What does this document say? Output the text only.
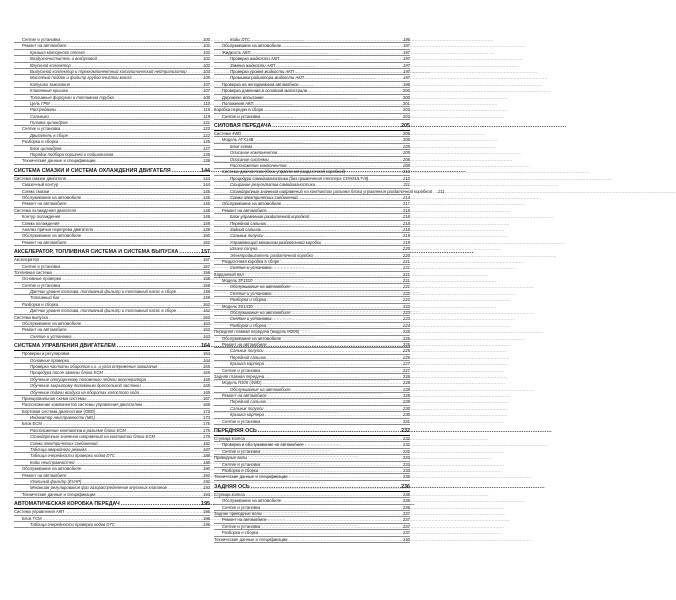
Снятие и установка .....	100
Ремонт на автомобиле .....	102
Крышка моторного отсека .....	102
Воздухоочиститель и воздуховод .....	102
Впускной коллектор .....	102
Выпускной коллектор и трехкомпонентный каталитический нейтрализатор .....	104
Масляный поддон и фильтр грубой очистки масла .....	105
Катушки зажигания .....	107
Клапанные крышки .....	107
Топливные форсунки и топливная трубка .....	108
Цепь ГРМ .....	110
Распредвалы .....	115
Сальники .....	119
Головка цилиндров .....	121
Снятие и установка .....	122
Двигатель в сборе .....	122
Разборка и сборка .....	125
Блок цилиндров .....	127
Порядок подбора поршней и подшипников .....	135
Технические данные и спецификации .....	139
СИСТЕМА СМАЗКИ И СИСТЕМА ОХЛАЖДЕНИЯ ДВИГАТЕЛЯ .....	144
Система смазки двигателя .....	144
Смазочный контур .....	144
Схема смазки .....	145
Обслуживание на автомобиле .....	145
Ремонт на автомобиле .....	146
Система охлаждения двигателя .....	148
Контур охлаждения .....	148
Схема охлаждения .....	149
Анализ причин перегрева двигателя .....	149
Обслуживание на автомобиле .....	150
Ремонт на автомобиле .....	152
АКСЕЛЕРАТОР, ТОПЛИВНАЯ СИСТЕМА И СИСТЕМА ВЫПУСКА .....	157
Акселератор .....	157
Снятие и установка .....	157
Топливная система .....	158
Основные проверки .....	158
Снятие и установка .....	158
Датчик уровня топлива, топливный фильтр и топливный насос в сборе .....	158
Топливный бак .....	159
Разборка и сборка .....	162
Датчик уровня топлива, топливный фильтр и топливный насос в сборе .....	162
Система выпуска .....	163
Обслуживание на автомобиле .....	163
Ремонт на автомобиле .....	163
Снятие и установка .....	163
СИСТЕМА УПРАВЛЕНИЯ ДВИГАТЕЛЕМ .....	164
Проверки и регулировки .....	164
Основные проверки .....	164
Проверка частоты оборотов х.х. и угла опережения зажигания .....	165
Процедура после замены блока ECM .....	165
Обучение отпущенному положению педали акселератора .....	165
Обучение закрытому положению дроссельной заслонки .....	165
Обучение подачи воздуха на оборотах холостого хода .....	165
Принципиальная схема системы .....	167
Расположение компонентов системы управления двигателем .....	168
Бортовая система диагностики (OBD) .....	173
Индикатор неисправности (MIL) .....	173
Блок ECM .....	175
Расположение контактов в разъеме блока ECM .....	175
Стандартные значения напряжений на контактах блока ECM .....	175
Схема электрических соединений .....	182
Таблица аварийного режима .....	187
Таблица очередности проверки кодов DTC .....	188
Коды неисправностей .....	188
Обслуживание на автомобиле .....	190
Ремонт на автомобиле .....	192
Угольный фильтр (EVAP) .....	192
Механизм регулирования фаз газораспределения впускных клапанов .....	193
Технические данные и спецификации .....	194
АВТОМАТИЧЕСКАЯ КОРОБКА ПЕРЕДАЧ .....	195
Система управления АКП .....	195
Блок TCM .....	196
Таблица очередности проверки кодов DTC .....	196
Коды DTC .....	196
Обслуживание на автомобиле .....	197
Жидкость АКП .....	197
Проверка жидкости АКП .....	197
Замена жидкости АКП .....	197
Проверка уровня жидкости АКП .....	197
Промывка радиатора жидкости АКП .....	197
Проверка на неподвижном автомобиле .....	199
Проверка давления в основной магистрали .....	200
Дорожное испытание .....	200
Положения АКП .....	201
Коробка передач в сборе .....	203
Снятие и установка .....	203
СИЛОВАЯ ПЕРЕДАЧА .....	205
Система 4WD .....	205
Модель ATX14B .....	205
Блок-схема .....	205
Описание компонентов .....	205
Описание системы .....	206
Расположение компонентов .....	208
Система диагностики (блок управления раздаточной коробкой) .....	210
Процедура самодиагностики (без применения тестера CONSULT-III) .....	210
Стирание результатов самодиагностики .....	211
Стандартные значения напряжений на контактах разъема блока управления раздаточной коробкой ..... 211
Схема электрических соединений .....	214
Обслуживание на автомобиле .....	217
Ремонт на автомобиле .....	218
Блок управления раздаточной коробкой .....	218
Передний сальник .....	218
Задний сальник .....	218
Сальник полуоси .....	219
Управляющий механизм раздаточной коробки .....	219
Шланг сапуна .....	220
Электродвигатель раздаточной коробки .....	220
Раздаточная коробка в сборе .....	221
Снятие и установка .....	221
Карданный вал .....	221
Модель 2F1310 .....	221
Обслуживание на автомобиле .....	221
Снятие и установка .....	222
Разборка и сборка .....	222
Модель 2S1410 .....	223
Обслуживание на автомобиле .....	223
Снятие и установка .....	223
Разборка и сборка .....	224
Передняя главная передача (модель M205) .....	225
Обслуживание на автомобиле .....	225
Ремонт на автомобиле .....	225
Сальник полуоси .....	225
Передний сальник .....	226
Крышка картера .....	227
Снятие и установка .....	227
Задняя главная передача .....	228
Модель R200 (4WD) .....	228
Обслуживание на автомобиле .....	228
Ремонт на автомобиле .....	228
Передний сальник .....	228
Сальник полуоси .....	230
Крышка картера .....	230
Снятие и установка .....	231
ПЕРЕДНЯЯ ОСЬ .....	232
Ступица колеса .....	232
Проверка и обслуживание на автомобиле .....	232
Снятие и установка .....	232
Приводные валы .....	233
Снятие и установка .....	233
Разборка и сборка .....	233
Технические данные и спецификации .....	235
ЗАДНЯЯ ОСЬ .....	236
Ступица колеса .....	236
Обслуживание на автомобиле .....	236
Снятие и установка .....	236
Задние приводные валы .....	237
Ремонт на автомобиле .....	237
Снятие и установка .....	237
Разборка и сборка .....	237
Технические данные и спецификации .....	240
